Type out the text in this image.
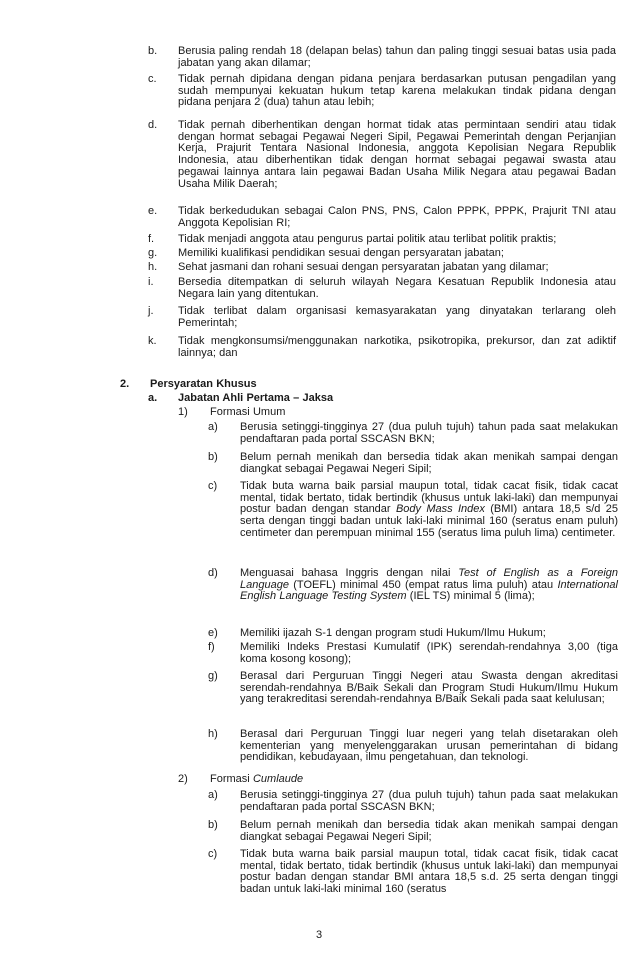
b.	Berusia paling rendah 18 (delapan belas) tahun dan paling tinggi sesuai batas usia pada jabatan yang akan dilamar;
c.	Tidak pernah dipidana dengan pidana penjara berdasarkan putusan pengadilan yang sudah mempunyai kekuatan hukum tetap karena melakukan tindak pidana dengan pidana penjara 2 (dua) tahun atau lebih;
d.	Tidak pernah diberhentikan dengan hormat tidak atas permintaan sendiri atau tidak dengan hormat sebagai Pegawai Negeri Sipil, Pegawai Pemerintah dengan Perjanjian Kerja, Prajurit Tentara Nasional Indonesia, anggota Kepolisian Negara Republik Indonesia, atau diberhentikan tidak dengan hormat sebagai pegawai swasta atau pegawai lainnya antara lain pegawai Badan Usaha Milik Negara atau pegawai Badan Usaha Milik Daerah;
e.	Tidak berkedudukan sebagai Calon PNS, PNS, Calon PPPK, PPPK, Prajurit TNI atau Anggota Kepolisian RI;
f.	Tidak menjadi anggota atau pengurus partai politik atau terlibat politik praktis;
g.	Memiliki kualifikasi pendidikan sesuai dengan persyaratan jabatan;
h.	Sehat jasmani dan rohani sesuai dengan persyaratan jabatan yang dilamar;
i.	Bersedia ditempatkan di seluruh wilayah Negara Kesatuan Republik Indonesia atau Negara lain yang ditentukan.
j.	Tidak terlibat dalam organisasi kemasyarakatan yang dinyatakan terlarang oleh Pemerintah;
k.	Tidak mengkonsumsi/menggunakan narkotika, psikotropika, prekursor, dan zat adiktif lainnya; dan
2.	Persyaratan Khusus
a.	Jabatan Ahli Pertama – Jaksa
1)	Formasi Umum
a)	Berusia setinggi-tingginya 27 (dua puluh tujuh) tahun pada saat melakukan pendaftaran pada portal SSCASN BKN;
b)	Belum pernah menikah dan bersedia tidak akan menikah sampai dengan diangkat sebagai Pegawai Negeri Sipil;
c)	Tidak buta warna baik parsial maupun total, tidak cacat fisik, tidak cacat mental, tidak bertato, tidak bertindik (khusus untuk laki-laki) dan mempunyai postur badan dengan standar Body Mass Index (BMI) antara 18,5 s/d 25 serta dengan tinggi badan untuk laki-laki minimal 160 (seratus enam puluh) centimeter dan perempuan minimal 155 (seratus lima puluh lima) centimeter.
d)	Menguasai bahasa Inggris dengan nilai Test of English as a Foreign Language (TOEFL) minimal 450 (empat ratus lima puluh) atau International English Language Testing System (IEL TS) minimal 5 (lima);
e)	Memiliki ijazah S-1 dengan program studi Hukum/Ilmu Hukum;
f)	Memiliki Indeks Prestasi Kumulatif (IPK) serendah-rendahnya 3,00 (tiga koma kosong kosong);
g)	Berasal dari Perguruan Tinggi Negeri atau Swasta dengan akreditasi serendah-rendahnya B/Baik Sekali dan Program Studi Hukum/Ilmu Hukum yang terakreditasi serendah-rendahnya B/Baik Sekali pada saat kelulusan;
h)	Berasal dari Perguruan Tinggi luar negeri yang telah disetarakan oleh kementerian yang menyelenggarakan urusan pemerintahan di bidang pendidikan, kebudayaan, ilmu pengetahuan, dan teknologi.
2)	Formasi Cumlaude
a)	Berusia setinggi-tingginya 27 (dua puluh tujuh) tahun pada saat melakukan pendaftaran pada portal SSCASN BKN;
b)	Belum pernah menikah dan bersedia tidak akan menikah sampai dengan diangkat sebagai Pegawai Negeri Sipil;
c)	Tidak buta warna baik parsial maupun total, tidak cacat fisik, tidak cacat mental, tidak bertato, tidak bertindik (khusus untuk laki-laki) dan mempunyai postur badan dengan standar BMI antara 18,5 s.d. 25 serta dengan tinggi badan untuk laki-laki minimal 160 (seratus
3
